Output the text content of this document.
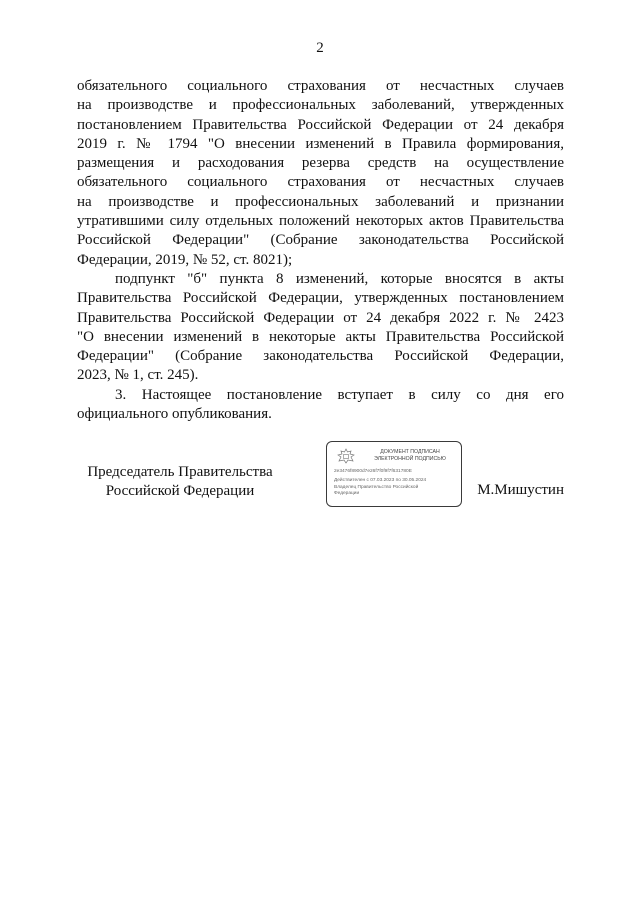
2
обязательного социального страхования от несчастных случаев
на производстве и профессиональных заболеваний, утвержденных
постановлением Правительства Российской Федерации от 24 декабря
2019 г. № 1794 "О внесении изменений в Правила формирования,
размещения и расходования резерва средств на осуществление
обязательного социального страхования от несчастных случаев
на производстве и профессиональных заболеваний и признании
утратившими силу отдельных положений некоторых актов Правительства
Российской Федерации" (Собрание законодательства Российской
Федерации, 2019, № 52, ст. 8021);
подпункт "б" пункта 8 изменений, которые вносятся в акты
Правительства Российской Федерации, утвержденных постановлением
Правительства Российской Федерации от 24 декабря 2022 г. № 2423
"О внесении изменений в некоторые акты Правительства Российской
Федерации" (Собрание законодательства Российской Федерации,
2023, № 1, ст. 245).
3. Настоящее постановление вступает в силу со дня его
официального опубликования.
Председатель Правительства
Российской Федерации
ДОКУМЕНТ ПОДПИСАН
ЭЛЕКТРОННОЙ ПОДПИСЬЮ
2e3476f8900d7e26f7f0f9f7f631780E
Действителен с 07.03.2023 по 30.05.2024
Владелец Правительство Российской
Федерации	М.Мишустин
